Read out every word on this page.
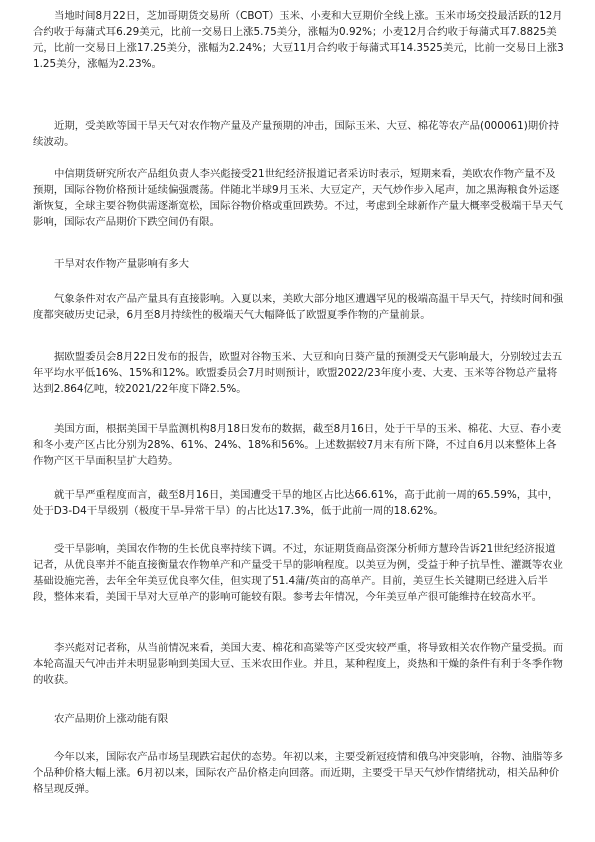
当地时间8月22日，芝加哥期货交易所（CBOT）玉米、小麦和大豆期价全线上涨。玉米市场交投最活跃的12月合约收于每蒲式耳6.29美元，比前一交易日上涨5.75美分，涨幅为0.92%；小麦12月合约收于每蒲式耳7.8825美元，比前一交易日上涨17.25美分，涨幅为2.24%；大豆11月合约收于每蒲式耳14.3525美元，比前一交易日上涨31.25美分，涨幅为2.23%。

近期，受美欧等国干旱天气对农作物产量及产量预期的冲击，国际玉米、大豆、棉花等农产品(000061)期价持续波动。

中信期货研究所农产品组负责人李兴彪接受21世纪经济报道记者采访时表示，短期来看，美欧农作物产量不及预期，国际谷物价格预计延续偏强震荡。伴随北半球9月玉米、大豆定产，天气炒作步入尾声，加之黑海粮食外运逐渐恢复，全球主要谷物供需逐渐宽松，国际谷物价格或重回跌势。不过，考虑到全球新作产量大概率受极端干旱天气影响，国际农产品期价下跌空间仍有限。

干旱对农作物产量影响有多大

气象条件对农产品产量具有直接影响。入夏以来，美欧大部分地区遭遇罕见的极端高温干旱天气，持续时间和强度都突破历史记录，6月至8月持续性的极端天气大幅降低了欧盟夏季作物的产量前景。

据欧盟委员会8月22日发布的报告，欧盟对谷物玉米、大豆和向日葵产量的预测受天气影响最大，分别较过去五年平均水平低16%、15%和12%。欧盟委员会7月时则预计，欧盟2022/23年度小麦、大麦、玉米等谷物总产量将达到2.864亿吨，较2021/22年度下降2.5%。

美国方面，根据美国干旱监测机构8月18日发布的数据，截至8月16日，处于干旱的玉米、棉花、大豆、春小麦和冬小麦产区占比分别为28%、61%、24%、18%和56%。上述数据较7月末有所下降，不过自6月以来整体上各作物产区干旱面积呈扩大趋势。

就干旱严重程度而言，截至8月16日，美国遭受干旱的地区占比达66.61%，高于此前一周的65.59%，其中，处于D3-D4干旱级别（极度干旱-异常干旱）的占比达17.3%，低于此前一周的18.62%。

受干旱影响，美国农作物的生长优良率持续下调。不过，东证期货商品资深分析师方慧玲告诉21世纪经济报道记者，从优良率并不能直接衡量农作物单产和产量受干旱的影响程度。以美豆为例，受益于种子抗旱性、灌溉等农业基础设施完善，去年全年美豆优良率欠佳，但实现了51.4蒲/英亩的高单产。目前，美豆生长关键期已经进入后半段，整体来看，美国干旱对大豆单产的影响可能较有限。参考去年情况，今年美豆单产很可能维持在较高水平。

李兴彪对记者称，从当前情况来看，美国大麦、棉花和高粱等产区受灾较严重，将导致相关农作物产量受损。而本轮高温天气冲击并未明显影响到美国大豆、玉米农田作业。并且，某种程度上，炎热和干燥的条件有利于冬季作物的收获。

农产品期价上涨动能有限

今年以来，国际农产品市场呈现跌宕起伏的态势。年初以来，主要受新冠疫情和俄乌冲突影响，谷物、油脂等多个品种价格大幅上涨。6月初以来，国际农产品价格走向回落。而近期，主要受干旱天气炒作情绪扰动，相关品种价格呈现反弹。
